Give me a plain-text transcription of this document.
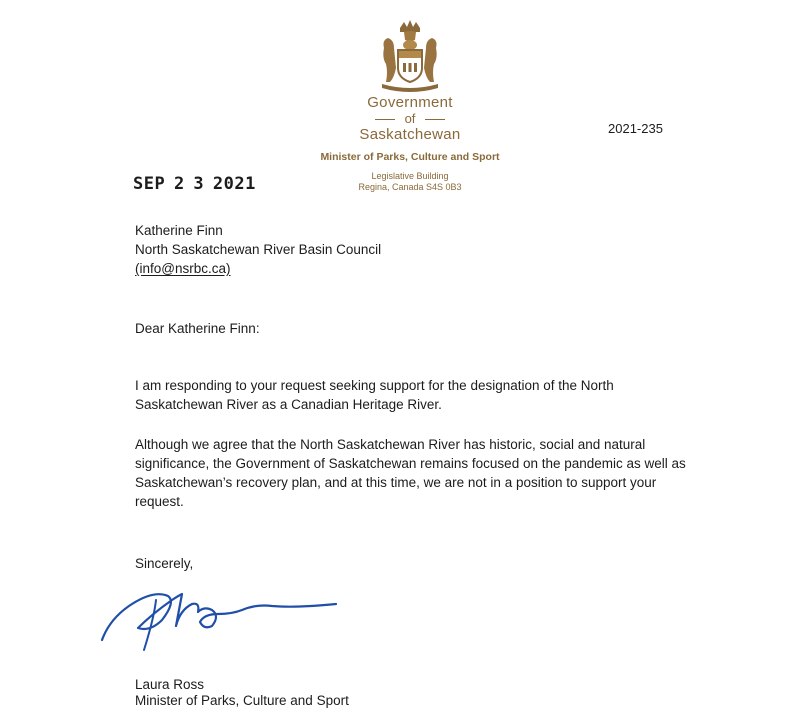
Government
of
Saskatchewan
Minister of Parks, Culture and Sport
Legislative Building
Regina, Canada S4S 0B3
2021-235
SEP 2 3 2021
Katherine Finn
North Saskatchewan River Basin Council
(info@nsrbc.ca)
Dear Katherine Finn:
I am responding to your request seeking support for the designation of the North Saskatchewan River as a Canadian Heritage River.
Although we agree that the North Saskatchewan River has historic, social and natural significance, the Government of Saskatchewan remains focused on the pandemic as well as Saskatchewan’s recovery plan, and at this time, we are not in a position to support your request.
Sincerely,
Laura Ross
Minister of Parks, Culture and Sport
